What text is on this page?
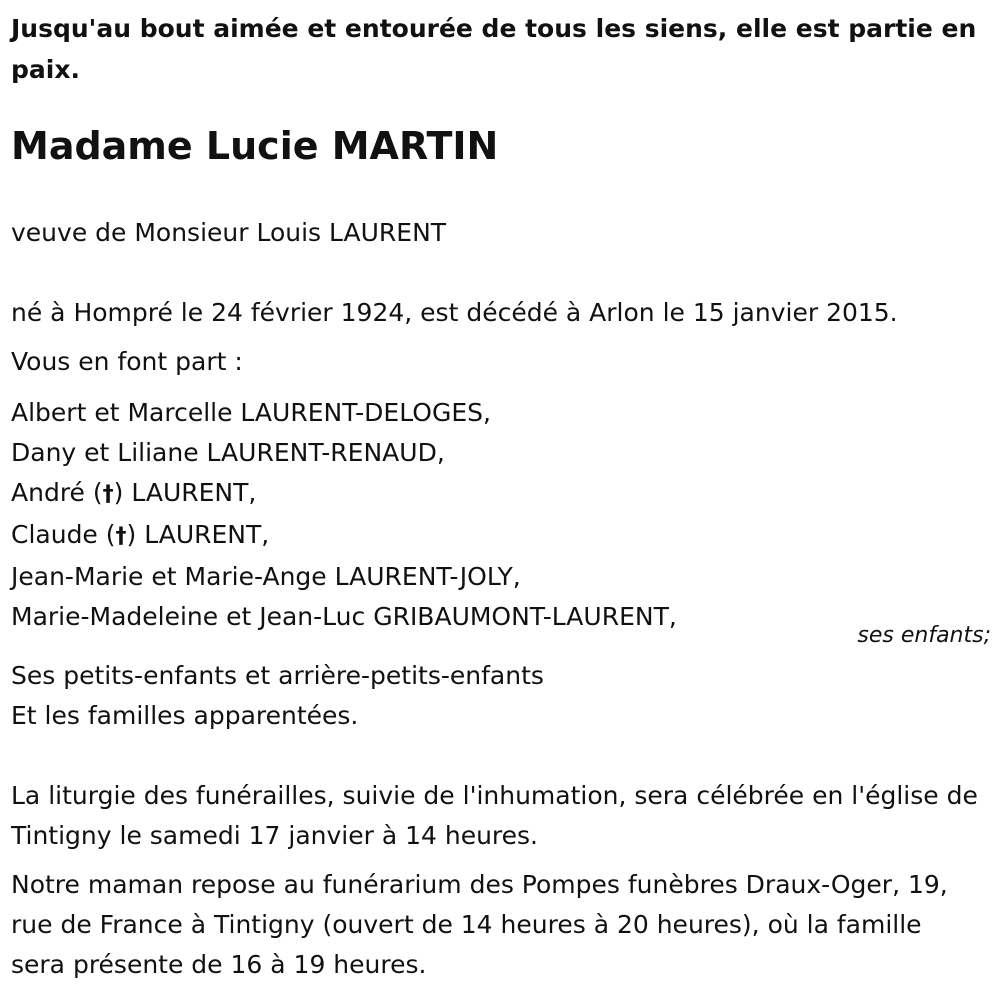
Jusqu'au bout aimée et entourée de tous les siens, elle est partie en paix.
Madame Lucie MARTIN
veuve de Monsieur Louis LAURENT
né à Hompré le 24 février 1924, est décédé à Arlon le 15 janvier 2015.
Vous en font part :
Albert et Marcelle LAURENT-DELOGES,
Dany et Liliane LAURENT-RENAUD,
André (†) LAURENT,
Claude (†) LAURENT,
Jean-Marie et Marie-Ange LAURENT-JOLY,
Marie-Madeleine et Jean-Luc GRIBAUMONT-LAURENT,
ses enfants;
Ses petits-enfants et arrière-petits-enfants
Et les familles apparentées.
La liturgie des funérailles, suivie de l'inhumation, sera célébrée en l'église de Tintigny le samedi 17 janvier à 14 heures.
Notre maman repose au funérarium des Pompes funèbres Draux-Oger, 19, rue de France à Tintigny (ouvert de 14 heures à 20 heures), où la famille sera présente de 16 à 19 heures.
